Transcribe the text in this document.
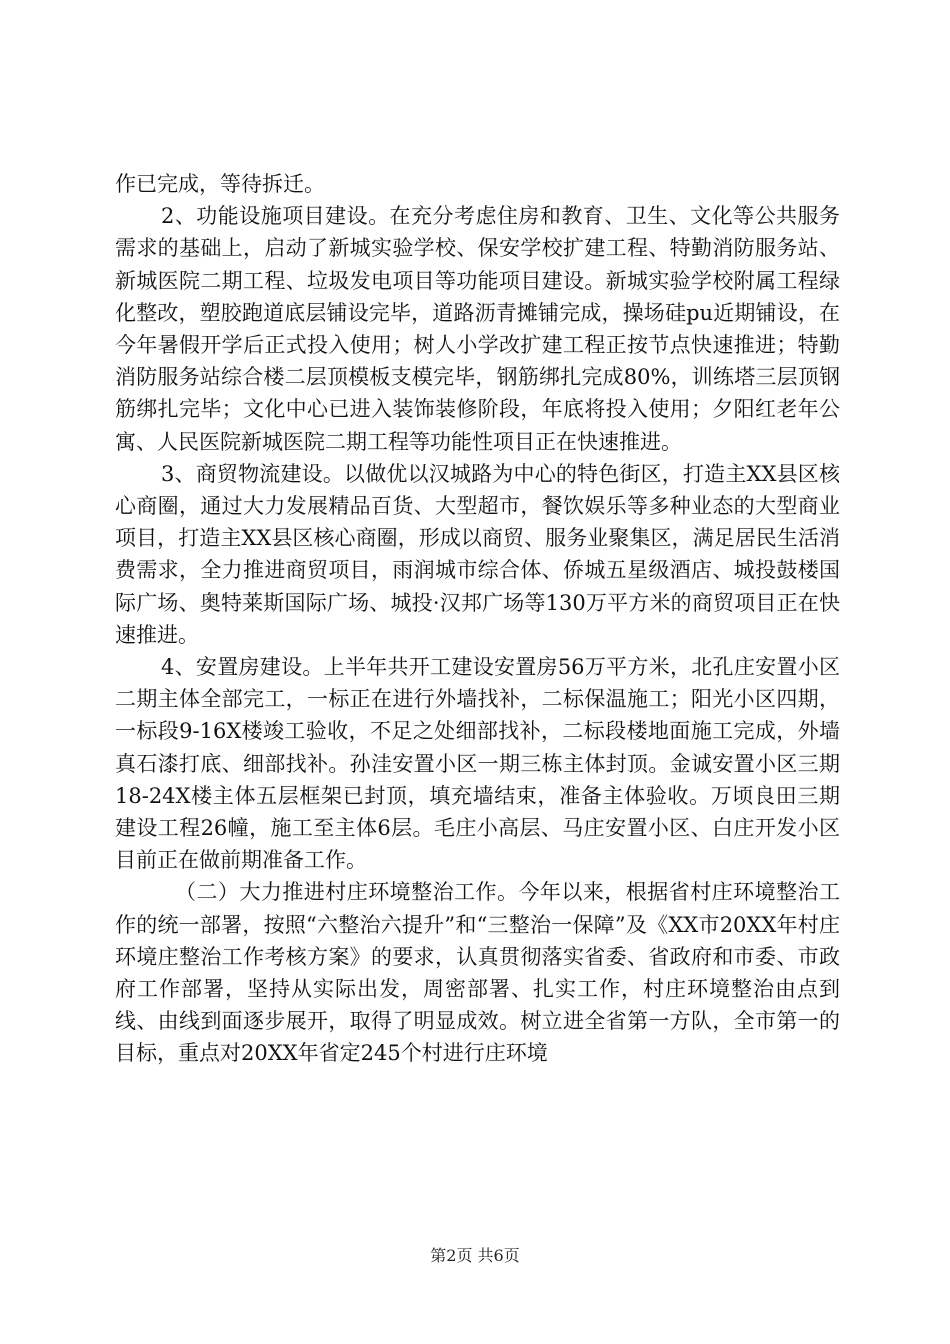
作已完成，等待拆迁。

2、功能设施项目建设。在充分考虑住房和教育、卫生、文化等公共服务需求的基础上，启动了新城实验学校、保安学校扩建工程、特勤消防服务站、新城医院二期工程、垃圾发电项目等功能项目建设。新城实验学校附属工程绿化整改，塑胶跑道底层铺设完毕，道路沥青摊铺完成，操场硅pu近期铺设，在今年暑假开学后正式投入使用；树人小学改扩建工程正按节点快速推进；特勤消防服务站综合楼二层顶模板支模完毕，钢筋绑扎完成80%，训练塔三层顶钢筋绑扎完毕；文化中心已进入装饰装修阶段，年底将投入使用；夕阳红老年公寓、人民医院新城医院二期工程等功能性项目正在快速推进。

3、商贸物流建设。以做优以汉城路为中心的特色街区，打造主XX县区核心商圈，通过大力发展精品百货、大型超市，餐饮娱乐等多种业态的大型商业项目，打造主XX县区核心商圈，形成以商贸、服务业聚集区，满足居民生活消费需求，全力推进商贸项目，雨润城市综合体、侨城五星级酒店、城投鼓楼国际广场、奥特莱斯国际广场、城投·汉邦广场等130万平方米的商贸项目正在快速推进。

4、安置房建设。上半年共开工建设安置房56万平方米，北孔庄安置小区二期主体全部完工，一标正在进行外墙找补，二标保温施工；阳光小区四期，一标段9-16X楼竣工验收，不足之处细部找补，二标段楼地面施工完成，外墙真石漆打底、细部找补。孙洼安置小区一期三栋主体封顶。金诚安置小区三期18-24X楼主体五层框架已封顶，填充墙结束，准备主体验收。万顷良田三期建设工程26幢，施工至主体6层。毛庄小高层、马庄安置小区、白庄开发小区目前正在做前期准备工作。

（二）大力推进村庄环境整治工作。今年以来，根据省村庄环境整治工作的统一部署，按照“六整治六提升”和“三整治一保障”及《XX市20XX年村庄环境庄整治工作考核方案》的要求，认真贯彻落实省委、省政府和市委、市政府工作部署，坚持从实际出发，周密部署、扎实工作，村庄环境整治由点到线、由线到面逐步展开，取得了明显成效。树立进全省第一方队，全市第一的目标，重点对20XX年省定245个村进行庄环境

第2页 共6页
